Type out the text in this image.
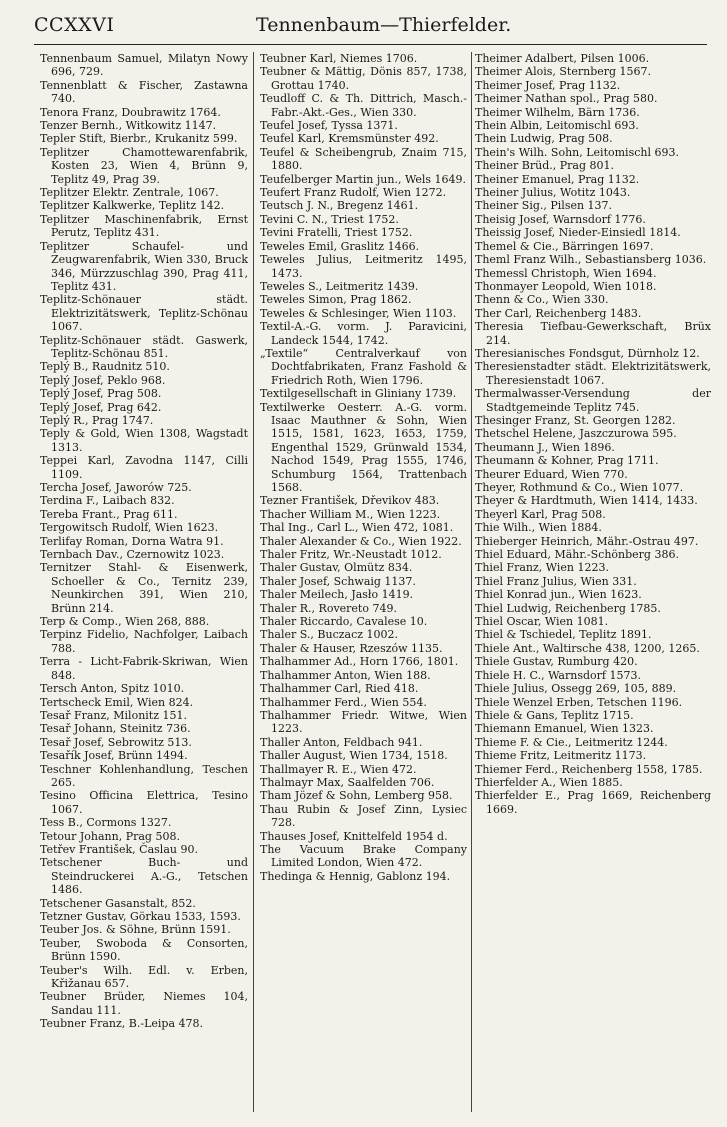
CCXXVI	Tennenbaum—Thierfelder.

Tennenbaum Samuel, Milatyn Nowy 696, 729.

Tennenblatt & Fischer, Zastawna 740.

Tenora Franz, Doubrawitz 1764.

Tenzer Bernh., Witkowitz 1147.

Tepler Stift, Bierbr., Krukanitz 599.

Teplitzer Chamottewarenfabrik, Kosten 23, Wien 4, Brünn 9, Teplitz 49, Prag 39.

Teplitzer Elektr. Zentrale, 1067.

Teplitzer Kalkwerke, Teplitz 142.

Teplitzer Maschinenfabrik, Ernst Perutz, Teplitz 431.

Teplitzer Schaufel- und Zeugwarenfabrik, Wien 330, Bruck 346, Mürzzuschlag 390, Prag 411, Teplitz 431.

Teplitz-Schönauer städt. Elektrizitätswerk, Teplitz-Schönau 1067.

Teplitz-Schönauer städt. Gaswerk, Teplitz-Schönau 851.

Teplý B., Raudnitz 510.

Teplý Josef, Peklo 968.

Teplý Josef, Prag 508.

Teplý Josef, Prag 642.

Teplý R., Prag 1747.

Teply & Gold, Wien 1308, Wagstadt 1313.

Teppei Karl, Zavodna 1147, Cilli 1109.

Tercha Josef, Jaworów 725.

Terdina F., Laibach 832.

Tereba Frant., Prag 611.

Tergowitsch Rudolf, Wien 1623.

Terlifay Roman, Dorna Watra 91.

Ternbach Dav., Czernowitz 1023.

Ternitzer Stahl- & Eisenwerk, Schoeller & Co., Ternitz 239, Neunkirchen 391, Wien 210, Brünn 214.

Terp & Comp., Wien 268, 888.

Terpinz Fidelio, Nachfolger, Laibach 788.

Terra - Licht-Fabrik-Skriwan, Wien 848.

Tersch Anton, Spitz 1010.

Tertscheck Emil, Wien 824.

Tesař Franz, Milonitz 151.

Tesař Johann, Steinitz 736.

Tesař Josef, Sebrowitz 513.

Tesařík Josef, Brünn 1494.

Teschner Kohlenhandlung, Teschen 265.

Tesino Officina Elettrica, Tesino 1067.

Tess B., Cormons 1327.

Tetour Johann, Prag 508.

Tetřev František, Časlau 90.

Tetschener Buch- und Steindruckerei A.-G., Tetschen 1486.

Tetschener Gasanstalt, 852.

Tetzner Gustav, Görkau 1533, 1593.

Teuber Jos. & Söhne, Brünn 1591.

Teuber, Swoboda & Consorten, Brünn 1590.

Teuber's Wilh. Edl. v. Erben, Křižanau 657.

Teubner Brüder, Niemes 104, Sandau 111.

Teubner Franz, B.-Leipa 478.

Teubner Karl, Niemes 1706.

Teubner & Mättig, Dönis 857, 1738, Grottau 1740.

Teudloff C. & Th. Dittrich, Masch.-Fabr.-Akt.-Ges., Wien 330.

Teufel Josef, Tyssa 1371.

Teufel Karl, Kremsmünster 492.

Teufel & Scheibengrub, Znaim 715, 1880.

Teufelberger Martin jun., Wels 1649.

Teufert Franz Rudolf, Wien 1272.

Teutsch J. N., Bregenz 1461.

Tevini C. N., Triest 1752.

Tevini Fratelli, Triest 1752.

Teweles Emil, Graslitz 1466.

Teweles Julius, Leitmeritz 1495, 1473.

Teweles S., Leitmeritz 1439.

Teweles Simon, Prag 1862.

Teweles & Schlesinger, Wien 1103.

Textil-A.-G. vorm. J. Paravicini, Landeck 1544, 1742.

„Textile“ Centralverkauf von Dochtfabrikaten, Franz Fashold & Friedrich Roth, Wien 1796.

Textilgesellschaft in Gliniany 1739.

Textilwerke Oesterr. A.-G. vorm. Isaac Mauthner & Sohn, Wien 1515, 1581, 1623, 1653, 1759, Engenthal 1529, Grünwald 1534, Nachod 1549, Prag 1555, 1746, Schumburg 1564, Trattenbach 1568.

Tezner František, Dřevikov 483.

Thacher William M., Wien 1223.

Thal Ing., Carl L., Wien 472, 1081.

Thaler Alexander & Co., Wien 1922.

Thaler Fritz, Wr.-Neustadt 1012.

Thaler Gustav, Olmütz 834.

Thaler Josef, Schwaig 1137.

Thaler Meilech, Jasło 1419.

Thaler R., Rovereto 749.

Thaler Riccardo, Cavalese 10.

Thaler S., Buczacz 1002.

Thaler & Hauser, Rzeszów 1135.

Thalhammer Ad., Horn 1766, 1801.

Thalhammer Anton, Wien 188.

Thalhammer Carl, Ried 418.

Thalhammer Ferd., Wien 554.

Thalhammer Friedr. Witwe, Wien 1223.

Thaller Anton, Feldbach 941.

Thaller August, Wien 1734, 1518.

Thallmayer R. E., Wien 472.

Thalmayr Max, Saalfelden 706.

Tham Jözef & Sohn, Lemberg 958.

Thau Rubin & Josef Zinn, Lysiec 728.

Thauses Josef, Knittelfeld 1954 d.

The Vacuum Brake Company Limited London, Wien 472.

Thedinga & Hennig, Gablonz 194.

Theimer Adalbert, Pilsen 1006.

Theimer Alois, Sternberg 1567.

Theimer Josef, Prag 1132.

Theimer Nathan spol., Prag 580.

Theimer Wilhelm, Bärn 1736.

Thein Albin, Leitomischl 693.

Thein Ludwig, Prag 508.

Thein's Wilh. Sohn, Leitomischl 693.

Theiner Brüd., Prag 801.

Theiner Emanuel, Prag 1132.

Theiner Julius, Wotitz 1043.

Theiner Sig., Pilsen 137.

Theisig Josef, Warnsdorf 1776.

Theissig Josef, Nieder-Einsiedl 1814.

Themel & Cie., Bärringen 1697.

Theml Franz Wilh., Sebastiansberg 1036.

Themessl Christoph, Wien 1694.

Thonmayer Leopold, Wien 1018.

Thenn & Co., Wien 330.

Ther Carl, Reichenberg 1483.

Theresia Tiefbau-Gewerkschaft, Brüx 214.

Theresianisches Fondsgut, Dürnholz 12.

Theresienstadter städt. Elektrizitätswerk, Theresienstadt 1067.

Thermalwasser-Versendung der Stadtgemeinde Teplitz 745.

Thesinger Franz, St. Georgen 1282.

Thetschel Helene, Jaszczurowa 595.

Theumann J., Wien 1896.

Theumann & Kohner, Prag 1711.

Theurer Eduard, Wien 770.

Theyer, Rothmund & Co., Wien 1077.

Theyer & Hardtmuth, Wien 1414, 1433.

Theyerl Karl, Prag 508.

Thie Wilh., Wien 1884.

Thieberger Heinrich, Mähr.-Ostrau 497.

Thiel Eduard, Mähr.-Schönberg 386.

Thiel Franz, Wien 1223.

Thiel Franz Julius, Wien 331.

Thiel Konrad jun., Wien 1623.

Thiel Ludwig, Reichenberg 1785.

Thiel Oscar, Wien 1081.

Thiel & Tschiedel, Teplitz 1891.

Thiele Ant., Waltirsche 438, 1200, 1265.

Thiele Gustav, Rumburg 420.

Thiele H. C., Warnsdorf 1573.

Thiele Julius, Ossegg 269, 105, 889.

Thiele Wenzel Erben, Tetschen 1196.

Thiele & Gans, Teplitz 1715.

Thiemann Emanuel, Wien 1323.

Thieme F. & Cie., Leitmeritz 1244.

Thieme Fritz, Leitmeritz 1173.

Thiemer Ferd., Reichenberg 1558, 1785.

Thierfelder A., Wien 1885.

Thierfelder E., Prag 1669, Reichenberg 1669.
